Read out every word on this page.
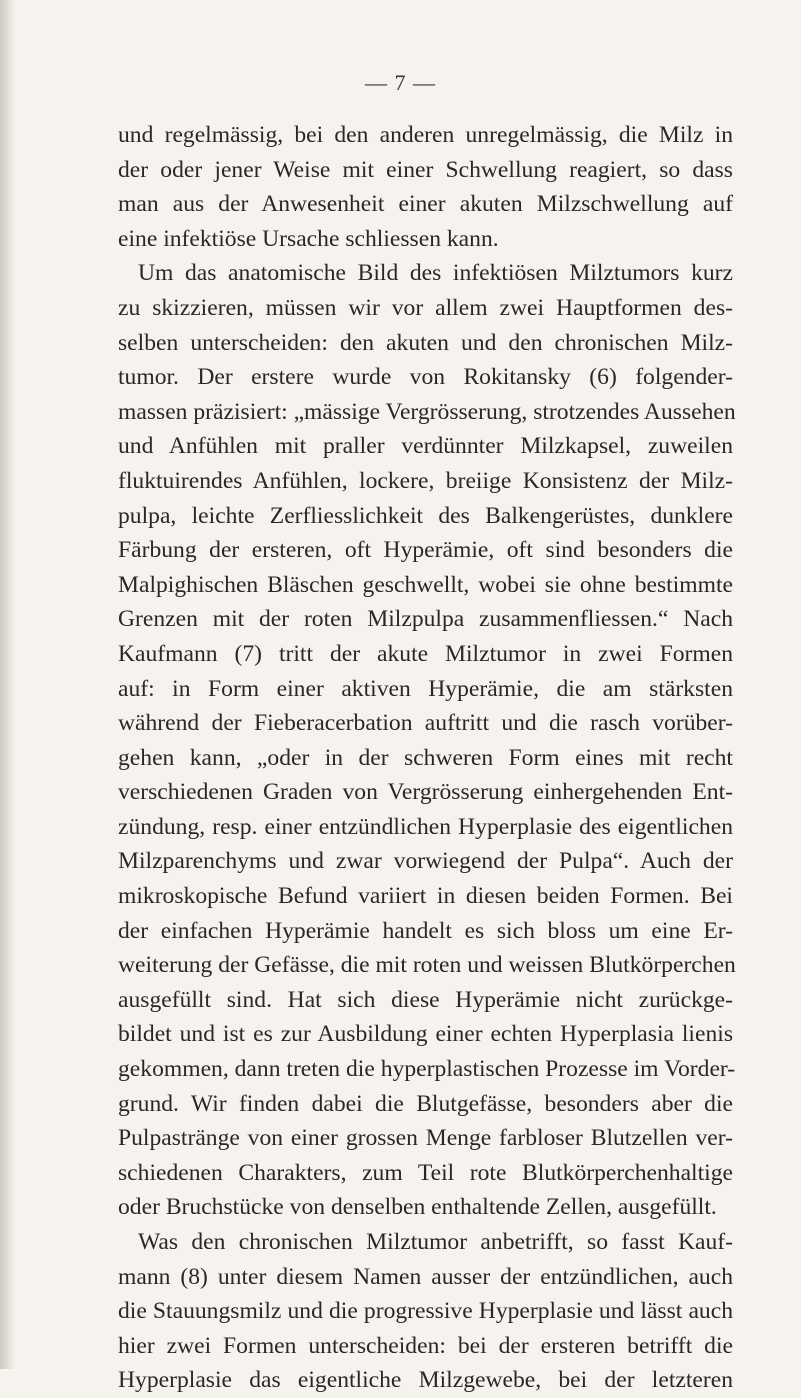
— 7 —
und regelmässig, bei den anderen unregelmässig, die Milz in
der oder jener Weise mit einer Schwellung reagiert, so dass
man aus der Anwesenheit einer akuten Milzschwellung auf
eine infektiöse Ursache schliessen kann.
Um das anatomische Bild des infektiösen Milztumors kurz
zu skizzieren, müssen wir vor allem zwei Hauptformen des-
selben unterscheiden: den akuten und den chronischen Milz-
tumor. Der erstere wurde von Rokitansky (6) folgender-
massen präzisiert: „mässige Vergrösserung, strotzendes Aussehen
und Anfühlen mit praller verdünnter Milzkapsel, zuweilen
fluktuirendes Anfühlen, lockere, breiige Konsistenz der Milz-
pulpa, leichte Zerfliesslichkeit des Balkengerüstes, dunklere
Färbung der ersteren, oft Hyperämie, oft sind besonders die
Malpighischen Bläschen geschwellt, wobei sie ohne bestimmte
Grenzen mit der roten Milzpulpa zusammenfliessen.“ Nach
Kaufmann (7) tritt der akute Milztumor in zwei Formen
auf: in Form einer aktiven Hyperämie, die am stärksten
während der Fieberacerbation auftritt und die rasch vorüber-
gehen kann, „oder in der schweren Form eines mit recht
verschiedenen Graden von Vergrösserung einhergehenden Ent-
zündung, resp. einer entzündlichen Hyperplasie des eigentlichen
Milzparenchyms und zwar vorwiegend der Pulpa“. Auch der
mikroskopische Befund variiert in diesen beiden Formen. Bei
der einfachen Hyperämie handelt es sich bloss um eine Er-
weiterung der Gefässe, die mit roten und weissen Blutkörperchen
ausgefüllt sind. Hat sich diese Hyperämie nicht zurückge-
bildet und ist es zur Ausbildung einer echten Hyperplasia lienis
gekommen, dann treten die hyperplastischen Prozesse im Vorder-
grund. Wir finden dabei die Blutgefässe, besonders aber die
Pulpastränge von einer grossen Menge farbloser Blutzellen ver-
schiedenen Charakters, zum Teil rote Blutkörperchenhaltige
oder Bruchstücke von denselben enthaltende Zellen, ausgefüllt.
Was den chronischen Milztumor anbetrifft, so fasst Kauf-
mann (8) unter diesem Namen ausser der entzündlichen, auch
die Stauungsmilz und die progressive Hyperplasie und lässt auch
hier zwei Formen unterscheiden: bei der ersteren betrifft die
Hyperplasie das eigentliche Milzgewebe, bei der letzteren
